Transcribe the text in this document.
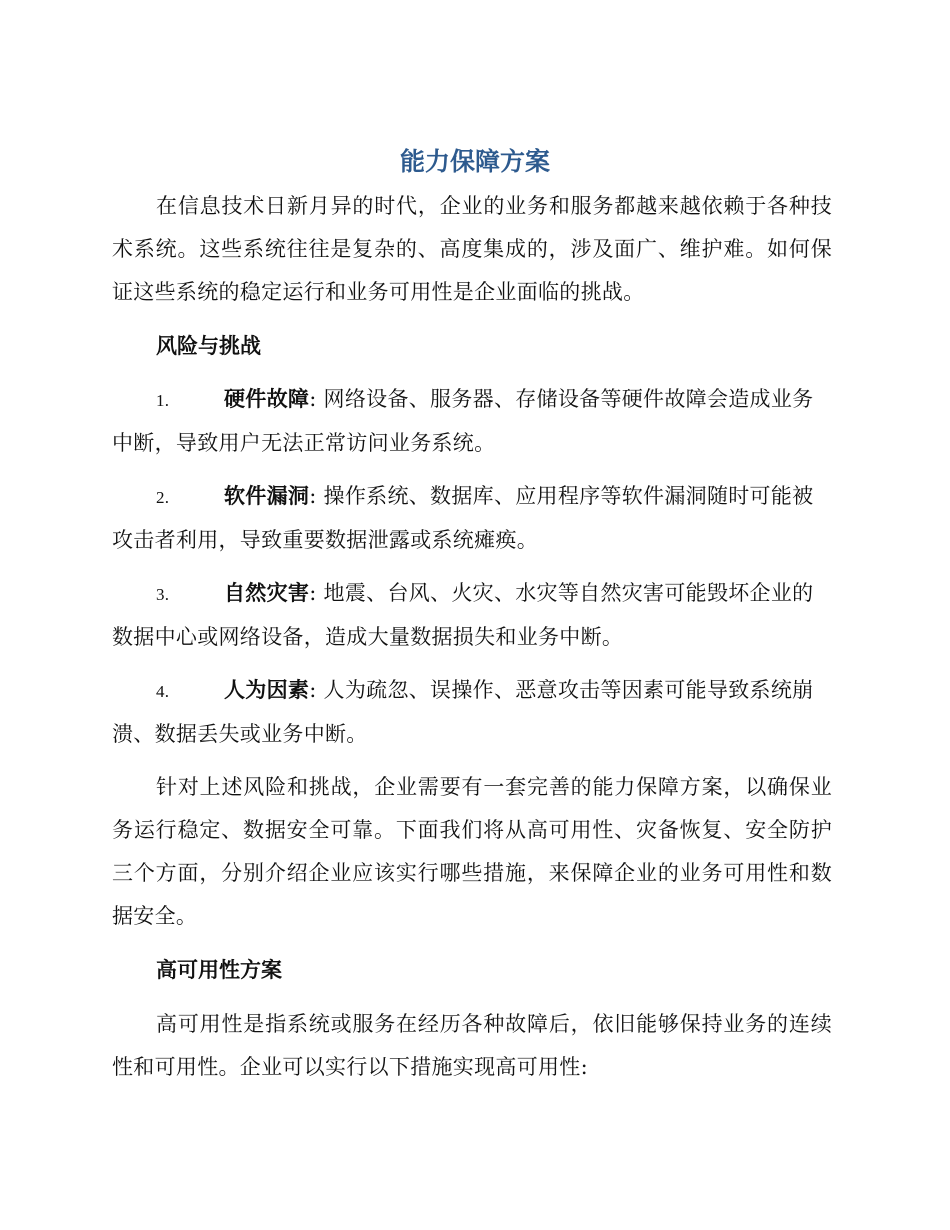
能力保障方案

在信息技术日新月异的时代，企业的业务和服务都越来越依赖于各种技术系统。这些系统往往是复杂的、高度集成的，涉及面广、维护难。如何保证这些系统的稳定运行和业务可用性是企业面临的挑战。

风险与挑战

1.	硬件故障: 网络设备、服务器、存储设备等硬件故障会造成业务中断，导致用户无法正常访问业务系统。

2.	软件漏洞: 操作系统、数据库、应用程序等软件漏洞随时可能被攻击者利用，导致重要数据泄露或系统瘫痪。

3.	自然灾害: 地震、台风、火灾、水灾等自然灾害可能毁坏企业的数据中心或网络设备，造成大量数据损失和业务中断。

4.	人为因素: 人为疏忽、误操作、恶意攻击等因素可能导致系统崩溃、数据丢失或业务中断。

针对上述风险和挑战，企业需要有一套完善的能力保障方案，以确保业务运行稳定、数据安全可靠。下面我们将从高可用性、灾备恢复、安全防护三个方面，分别介绍企业应该实行哪些措施，来保障企业的业务可用性和数据安全。

高可用性方案

高可用性是指系统或服务在经历各种故障后，依旧能够保持业务的连续性和可用性。企业可以实行以下措施实现高可用性:
